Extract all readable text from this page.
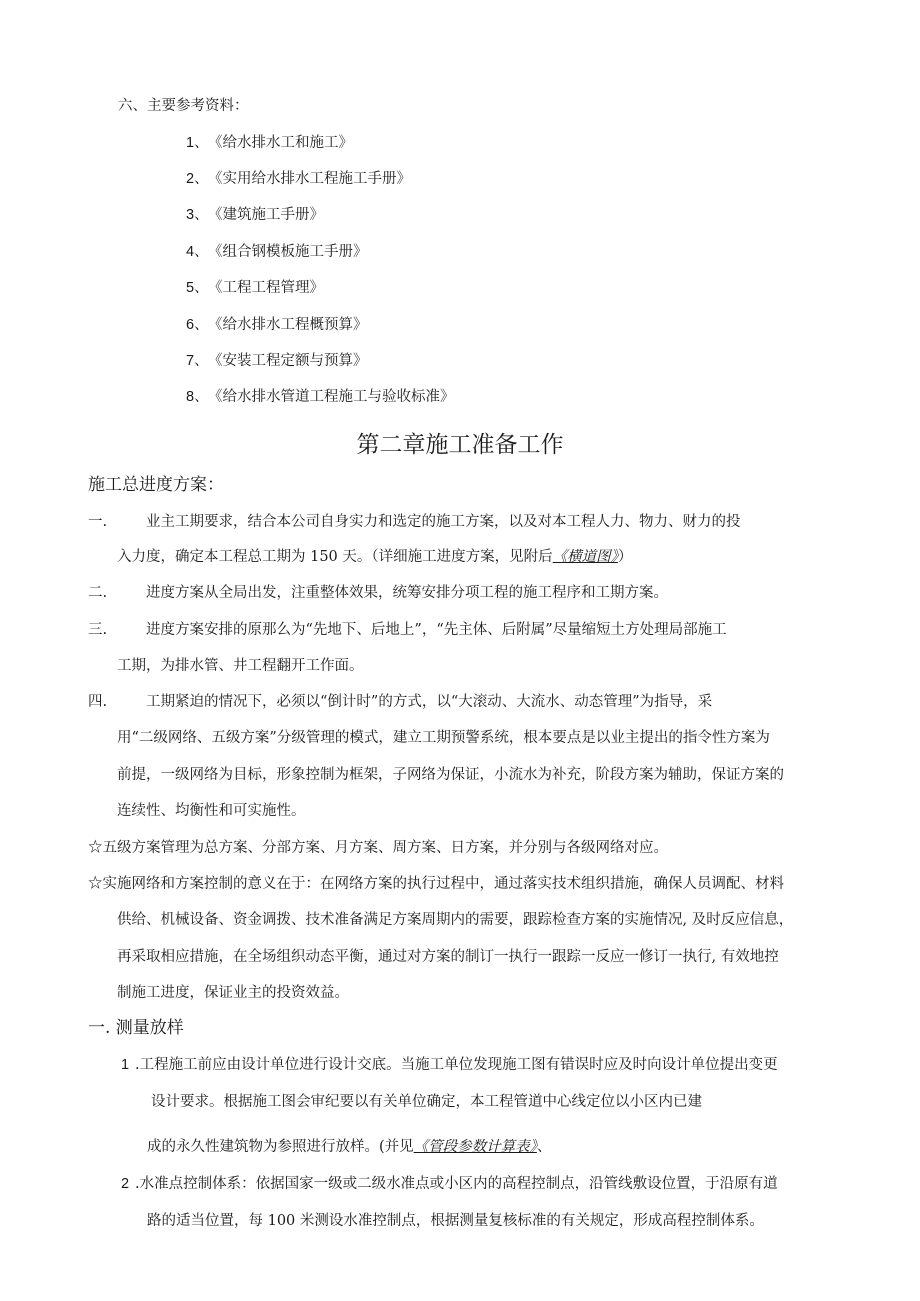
六、主要参考资料：
1、《给水排水工和施工》
2、《实用给水排水工程施工手册》
3、《建筑施工手册》
4、《组合钢模板施工手册》
5、《工程工程管理》
6、《给水排水工程概预算》
7、《安装工程定额与预算》
8、《给水排水管道工程施工与验收标准》
第二章施工准备工作
施工总进度方案：
一.	业主工期要求，结合本公司自身实力和选定的施工方案，以及对本工程人力、物力、财力的投
入力度，确定本工程总工期为 150 天。（详细施工进度方案，见附后《横道图》）
二.	进度方案从全局出发，注重整体效果，统筹安排分项工程的施工程序和工期方案。
三.	进度方案安排的原那么为“先地下、后地上”，“先主体、后附属”尽量缩短土方处理局部施工
工期，为排水管、井工程翻开工作面。
四.	工期紧迫的情况下，必须以“倒计时”的方式，以“大滚动、大流水、动态管理”为指导，采
用“二级网络、五级方案”分级管理的模式，建立工期预警系统，根本要点是以业主提出的指令性方案为
前提，一级网络为目标，形象控制为框架，子网络为保证，小流水为补充，阶段方案为辅助，保证方案的
连续性、均衡性和可实施性。
☆五级方案管理为总方案、分部方案、月方案、周方案、日方案，并分别与各级网络对应。
☆实施网络和方案控制的意义在于：在网络方案的执行过程中，通过落实技术组织措施，确保人员调配、材料
供给、机械设备、资金调拨、技术准备满足方案周期内的需要，跟踪检查方案的实施情况, 及时反应信息，
再采取相应措施，在全场组织动态平衡，通过对方案的制订一执行一跟踪一反应一修订一执行, 有效地控
制施工进度，保证业主的投资效益。
一. 测量放样
1 .工程施工前应由设计单位进行设计交底。当施工单位发现施工图有错误时应及时向设计单位提出变更
设计要求。根据施工图会审纪要以有关单位确定，本工程管道中心线定位以小区内已建
成的永久性建筑物为参照进行放样。(并见《管段参数计算表》、
2 .水准点控制体系：依据国家一级或二级水准点或小区内的高程控制点，沿管线敷设位置，于沿原有道
路的适当位置，每 100 米测设水准控制点，根据测量复核标准的有关规定，形成高程控制体系。
